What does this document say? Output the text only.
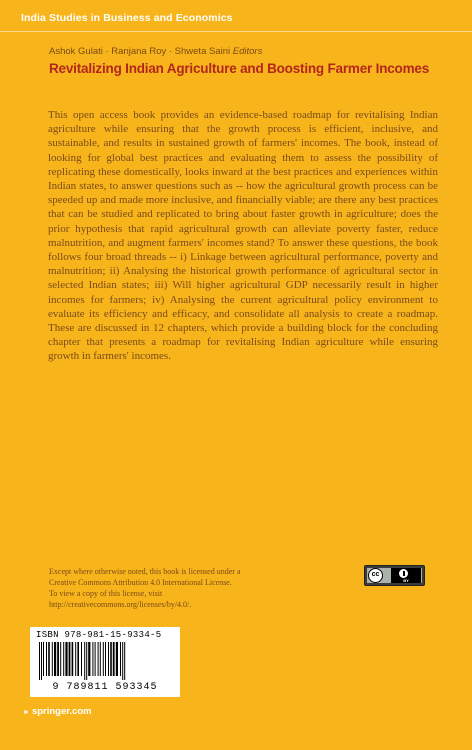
India Studies in Business and Economics
Ashok Gulati · Ranjana Roy · Shweta Saini Editors
Revitalizing Indian Agriculture and Boosting Farmer Incomes

This open access book provides an evidence-based roadmap for revitalising Indian agriculture while ensuring that the growth process is efficient, inclusive, and sustainable, and results in sustained growth of farmers' incomes. The book, instead of looking for global best practices and evaluating them to assess the possibility of replicating these domestically, looks inward at the best practices and experiences within Indian states, to answer questions such as -- how the agricultural growth process can be speeded up and made more inclusive, and financially viable; are there any best practices that can be studied and replicated to bring about faster growth in agriculture; does the prior hypothesis that rapid agricultural growth can alleviate poverty faster, reduce malnutrition, and augment farmers' incomes stand? To answer these questions, the book follows four broad threads -- i) Linkage between agricultural performance, poverty and malnutrition; ii) Analysing the historical growth performance of agricultural sector in selected Indian states; iii) Will higher agricultural GDP necessarily result in higher incomes for farmers; iv) Analysing the current agricultural policy environment to evaluate its efficiency and efficacy, and consolidate all analysis to create a roadmap. These are discussed in 12 chapters, which provide a building block for the concluding chapter that presents a roadmap for revitalising Indian agriculture while ensuring growth in farmers' incomes.

Except where otherwise noted, this book is licensed under a
Creative Commons Attribution 4.0 International License.
To view a copy of this license, visit
http://creativecommons.org/licenses/by/4.0/.
cc
BY
ISBN 978-981-15-9334-5
9 789811 593345
► springer.com
